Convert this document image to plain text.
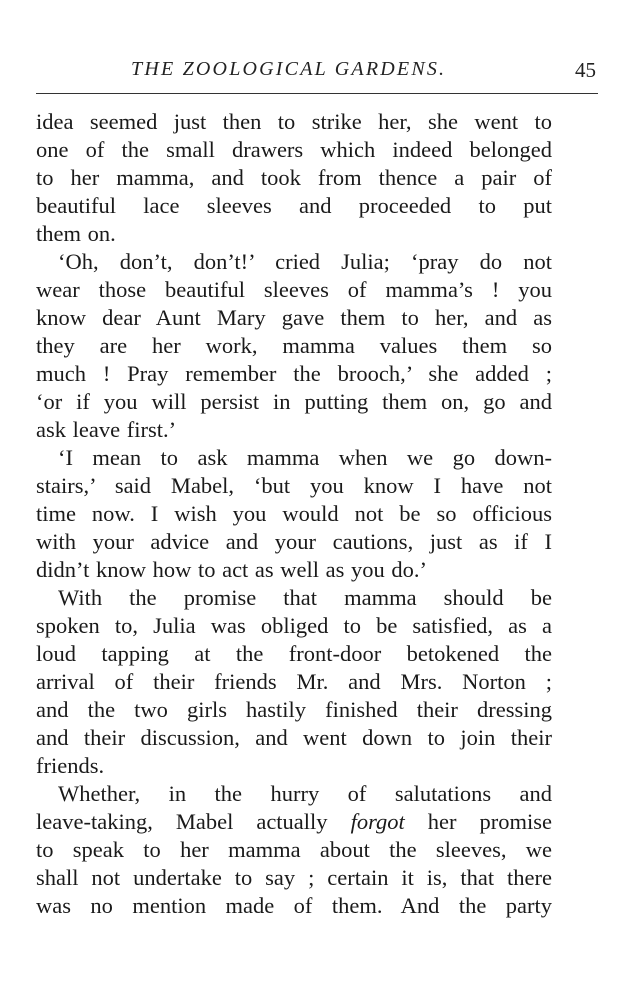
THE ZOOLOGICAL GARDENS.	45
idea seemed just then to strike her, she went to
one of the small drawers which indeed belonged
to her mamma, and took from thence a pair of
beautiful lace sleeves and proceeded to put
them on.
‘Oh, don’t, don’t!’ cried Julia; ‘pray do not
wear those beautiful sleeves of mamma’s ! you
know dear Aunt Mary gave them to her, and as
they are her work, mamma values them so
much ! Pray remember the brooch,’ she added ;
‘or if you will persist in putting them on, go and
ask leave first.’
‘I mean to ask mamma when we go down-
stairs,’ said Mabel, ‘but you know I have not
time now. I wish you would not be so officious
with your advice and your cautions, just as if I
didn’t know how to act as well as you do.’
With the promise that mamma should be
spoken to, Julia was obliged to be satisfied, as a
loud tapping at the front-door betokened the
arrival of their friends Mr. and Mrs. Norton ;
and the two girls hastily finished their dressing
and their discussion, and went down to join their
friends.
Whether, in the hurry of salutations and
leave-taking, Mabel actually forgot her promise
to speak to her mamma about the sleeves, we
shall not undertake to say ; certain it is, that there
was no mention made of them. And the party
